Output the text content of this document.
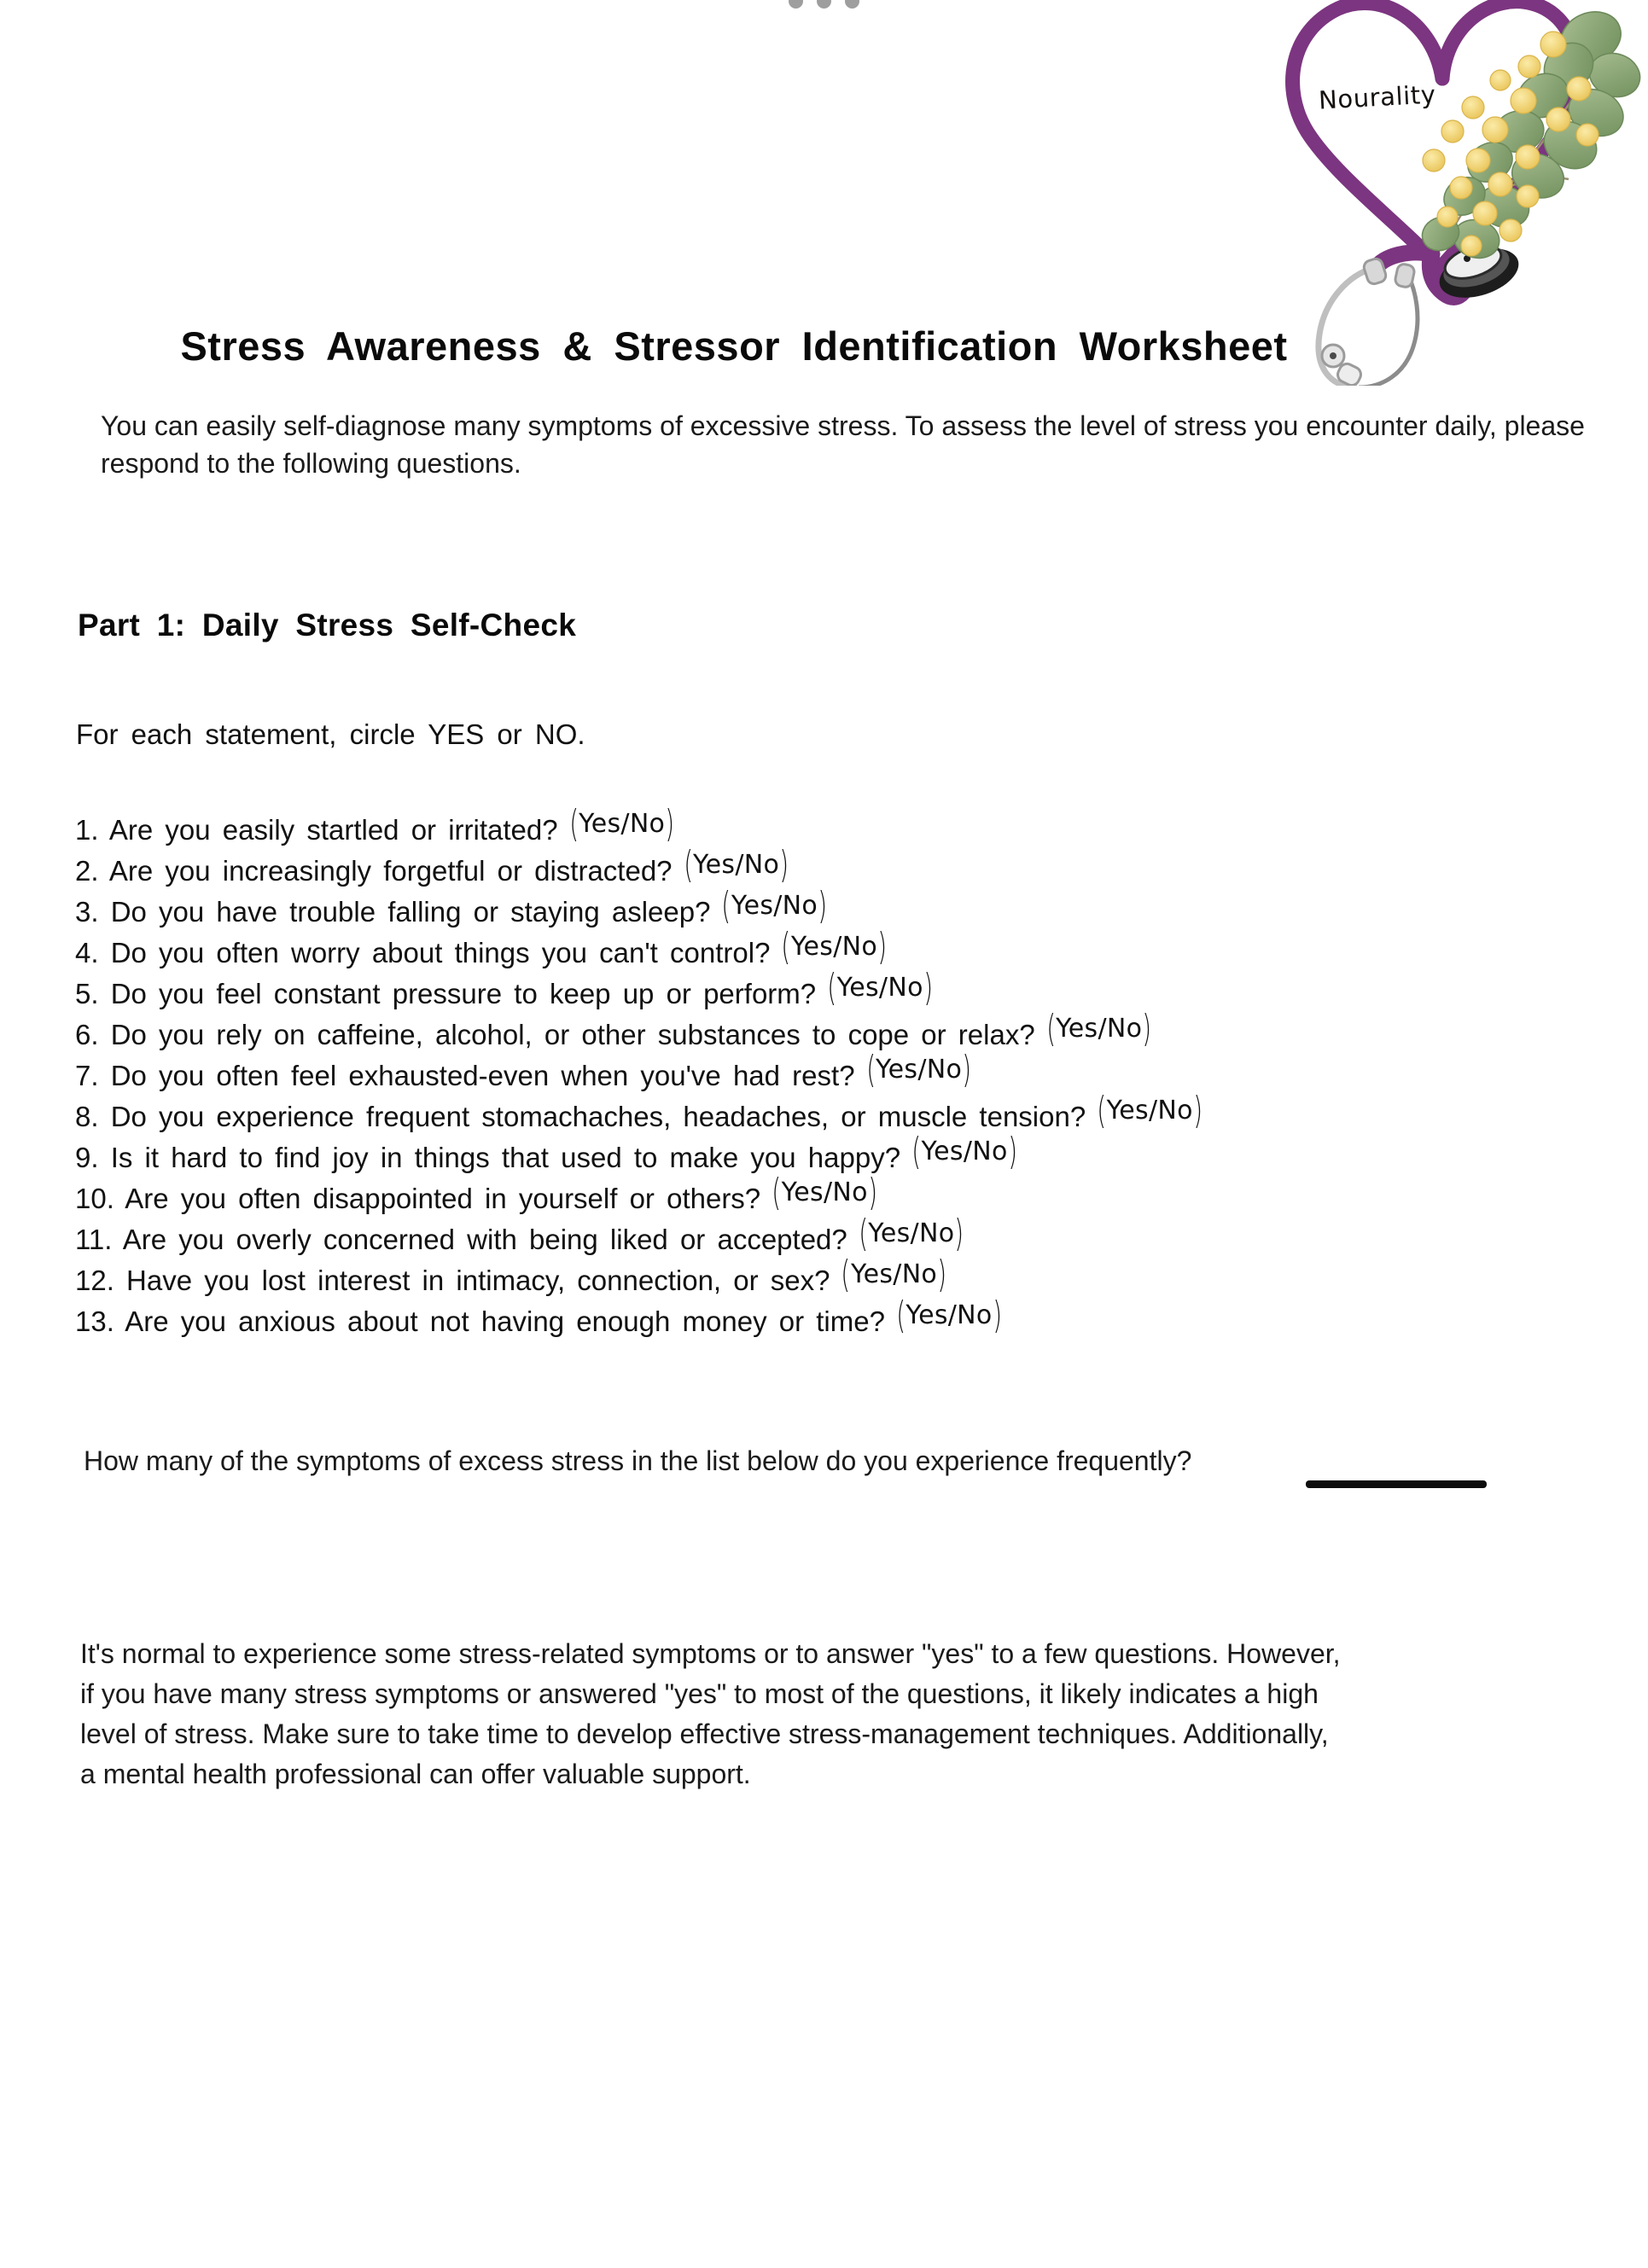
Nourality
Stress Awareness & Stressor Identification Worksheet
You can easily self-diagnose many symptoms of excessive stress. To assess the level of stress you encounter daily, please respond to the following questions.
Part 1: Daily Stress Self-Check
For each statement, circle YES or NO.
1. Are you easily startled or irritated? (Yes/No)
2. Are you increasingly forgetful or distracted? (Yes/No)
3. Do you have trouble falling or staying asleep? (Yes/No)
4. Do you often worry about things you can't control? (Yes/No)
5. Do you feel constant pressure to keep up or perform? (Yes/No)
6. Do you rely on caffeine, alcohol, or other substances to cope or relax? (Yes/No)
7. Do you often feel exhausted-even when you've had rest? (Yes/No)
8. Do you experience frequent stomachaches, headaches, or muscle tension? (Yes/No)
9. Is it hard to find joy in things that used to make you happy? (Yes/No)
10. Are you often disappointed in yourself or others? (Yes/No)
11. Are you overly concerned with being liked or accepted? (Yes/No)
12. Have you lost interest in intimacy, connection, or sex? (Yes/No)
13. Are you anxious about not having enough money or time? (Yes/No)
How many of the symptoms of excess stress in the list below do you experience frequently?
It's normal to experience some stress-related symptoms or to answer "yes" to a few questions. However,
if you have many stress symptoms or answered "yes" to most of the questions, it likely indicates a high
level of stress. Make sure to take time to develop effective stress-management techniques. Additionally,
a mental health professional can offer valuable support.
